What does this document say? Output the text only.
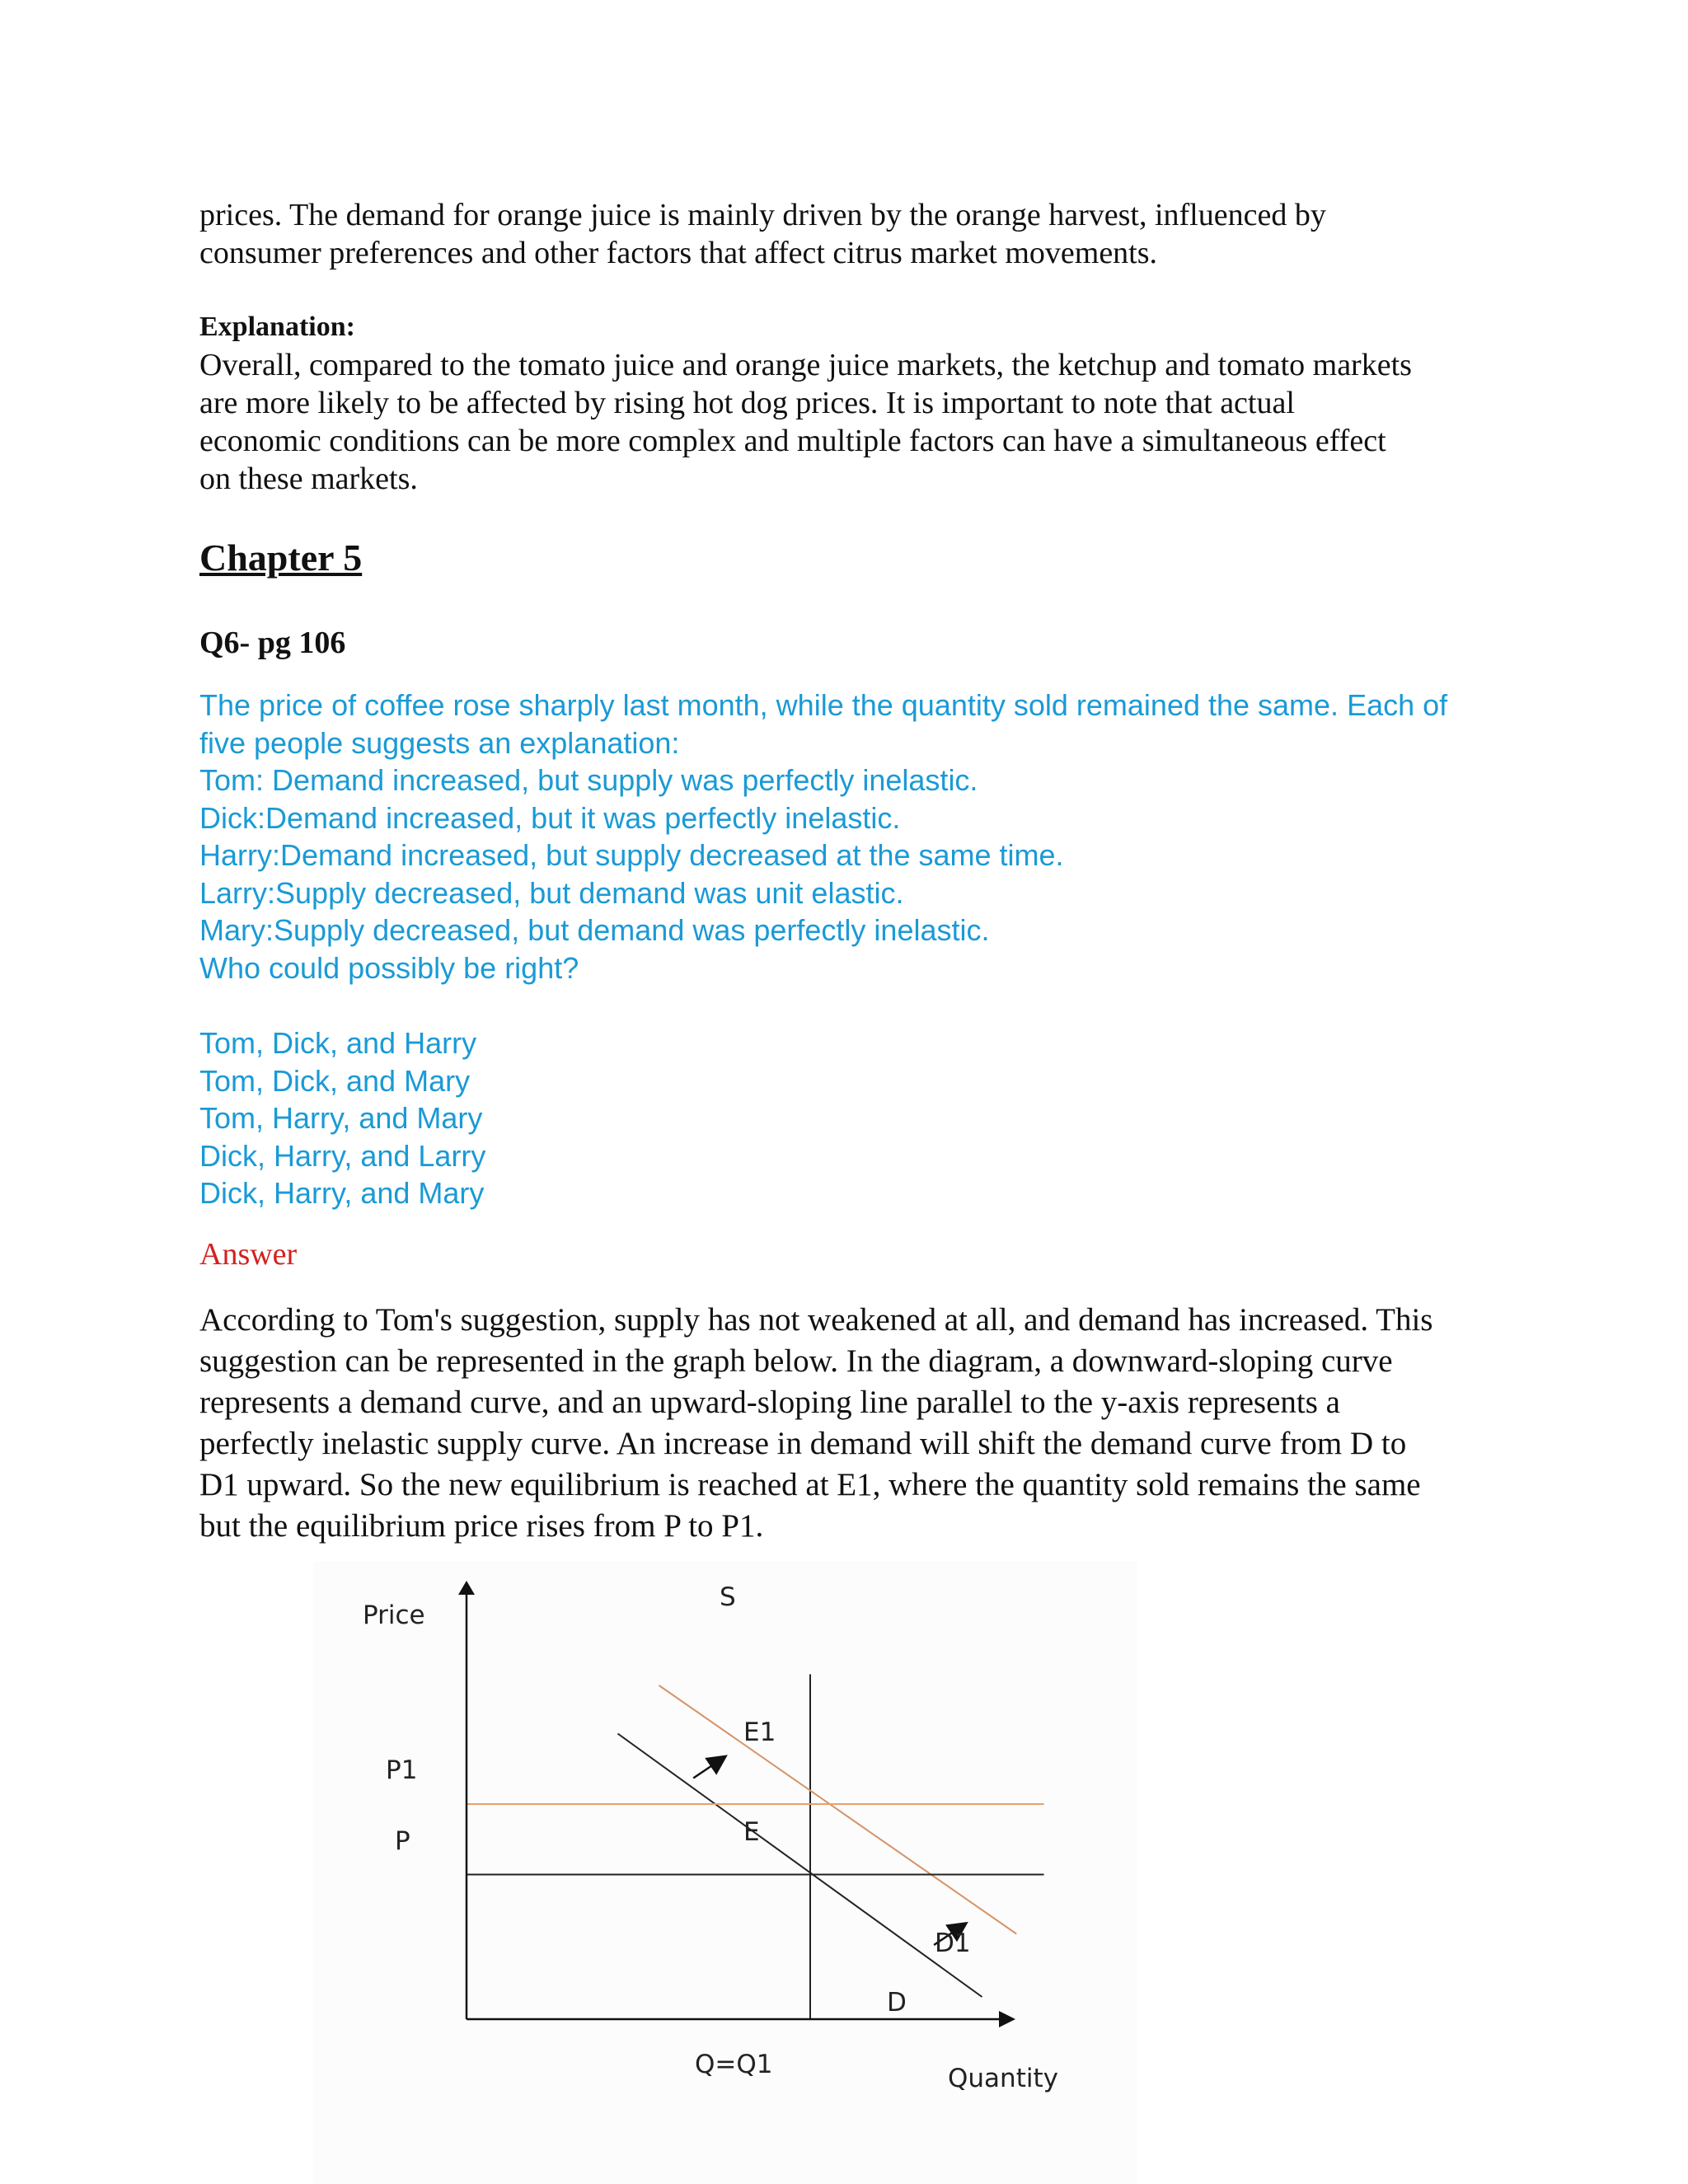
prices. The demand for orange juice is mainly driven by the orange harvest, influenced by
consumer preferences and other factors that affect citrus market movements.
Explanation:
Overall, compared to the tomato juice and orange juice markets, the ketchup and tomato markets
are more likely to be affected by rising hot dog prices. It is important to note that actual
economic conditions can be more complex and multiple factors can have a simultaneous effect
on these markets.
Chapter 5
Q6- pg 106
The price of coffee rose sharply last month, while the quantity sold remained the same. Each of
five people suggests an explanation:
Tom: Demand increased, but supply was perfectly inelastic.
Dick:Demand increased, but it was perfectly inelastic.
Harry:Demand increased, but supply decreased at the same time.
Larry:Supply decreased, but demand was unit elastic.
Mary:Supply decreased, but demand was perfectly inelastic.
Who could possibly be right?
Tom, Dick, and Harry
Tom, Dick, and Mary
Tom, Harry, and Mary
Dick, Harry, and Larry
Dick, Harry, and Mary
Answer
According to Tom's suggestion, supply has not weakened at all, and demand has increased. This
suggestion can be represented in the graph below. In the diagram, a downward-sloping curve
represents a demand curve, and an upward-sloping line parallel to the y-axis represents a
perfectly inelastic supply curve. An increase in demand will shift the demand curve from D to
D1 upward. So the new equilibrium is reached at E1, where the quantity sold remains the same
but the equilibrium price rises from P to P1.
Price
Quantity
S
D
D1
E
E1
P
P1
Q=Q1
